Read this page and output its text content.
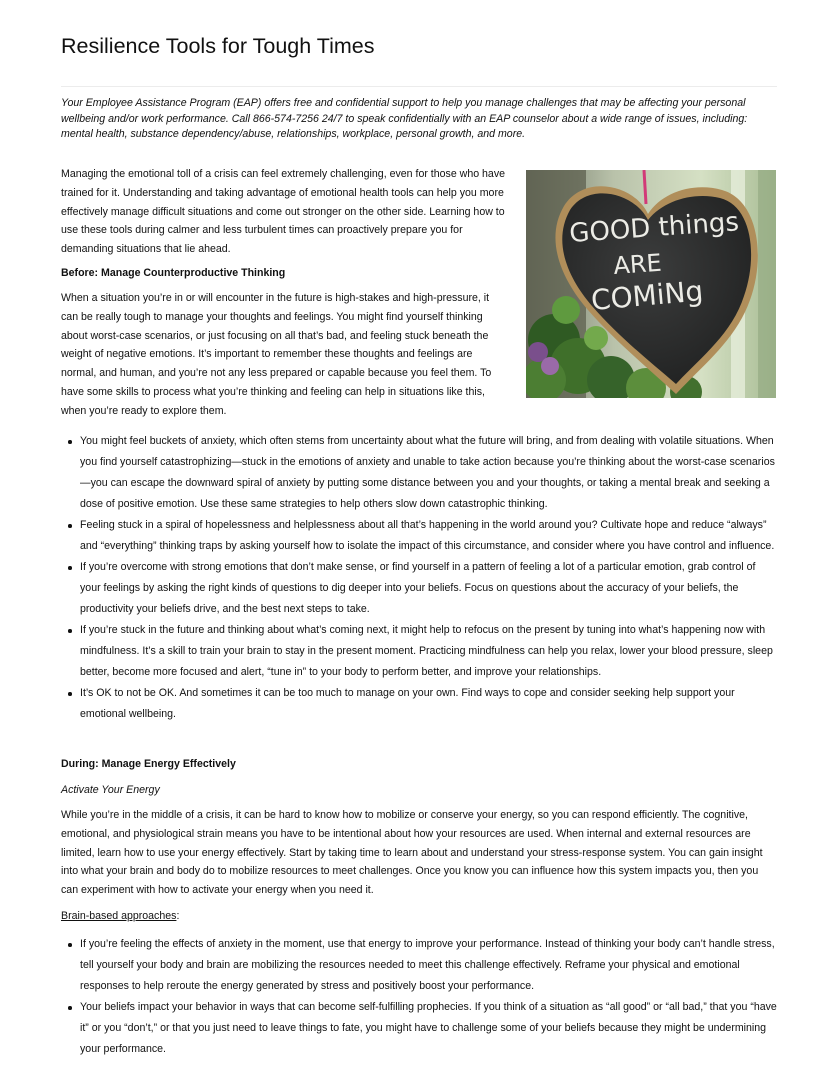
Resilience Tools for Tough Times

Your Employee Assistance Program (EAP) offers free and confidential support to help you manage challenges that may be affecting your personal wellbeing and/or work performance. Call 866-574-7256 24/7 to speak confidentially with an EAP counselor about a wide range of issues, including: mental health, substance dependency/abuse, relationships, workplace, personal growth, and more.

Managing the emotional toll of a crisis can feel extremely challenging, even for those who have trained for it. Understanding and taking advantage of emotional health tools can help you more effectively manage difficult situations and come out stronger on the other side. Learning how to use these tools during calmer and less turbulent times can proactively prepare you for demanding situations that lie ahead.

Before: Manage Counterproductive Thinking

When a situation you’re in or will encounter in the future is high-stakes and high-pressure, it can be really tough to manage your thoughts and feelings. You might find yourself thinking about worst-case scenarios, or just focusing on all that’s bad, and feeling stuck beneath the weight of negative emotions. It’s important to remember these thoughts and feelings are normal, and human, and you’re not any less prepared or capable because you feel them. To have some skills to process what you’re thinking and feeling can help in situations like this, when you’re ready to explore them.

GOOD things
ARE
COMiNg
You might feel buckets of anxiety, which often stems from uncertainty about what the future will bring, and from dealing with volatile situations. When you find yourself catastrophizing—stuck in the emotions of anxiety and unable to take action because you’re thinking about the worst-case scenarios—you can escape the downward spiral of anxiety by putting some distance between you and your thoughts, or taking a mental break and seeking a dose of positive emotion. Use these same strategies to help others slow down catastrophic thinking.
Feeling stuck in a spiral of hopelessness and helplessness about all that’s happening in the world around you? Cultivate hope and reduce “always” and “everything” thinking traps by asking yourself how to isolate the impact of this circumstance, and consider where you have control and influence.
If you’re overcome with strong emotions that don’t make sense, or find yourself in a pattern of feeling a lot of a particular emotion, grab control of your feelings by asking the right kinds of questions to dig deeper into your beliefs. Focus on questions about the accuracy of your beliefs, the productivity your beliefs drive, and the best next steps to take.
If you’re stuck in the future and thinking about what’s coming next, it might help to refocus on the present by tuning into what’s happening now with mindfulness. It’s a skill to train your brain to stay in the present moment. Practicing mindfulness can help you relax, lower your blood pressure, sleep better, become more focused and alert, “tune in” to your body to perform better, and improve your relationships.
It’s OK to not be OK. And sometimes it can be too much to manage on your own. Find ways to cope and consider seeking help support your emotional wellbeing.

During: Manage Energy Effectively

Activate Your Energy

While you’re in the middle of a crisis, it can be hard to know how to mobilize or conserve your energy, so you can respond efficiently. The cognitive, emotional, and physiological strain means you have to be intentional about how your resources are used. When internal and external resources are limited, learn how to use your energy effectively. Start by taking time to learn about and understand your stress-response system. You can gain insight into what your brain and body do to mobilize resources to meet challenges. Once you know you can influence how this system impacts you, then you can experiment with how to activate your energy when you need it.

Brain-based approaches:

If you’re feeling the effects of anxiety in the moment, use that energy to improve your performance. Instead of thinking your body can’t handle stress, tell yourself your body and brain are mobilizing the resources needed to meet this challenge effectively. Reframe your physical and emotional responses to help reroute the energy generated by stress and positively boost your performance.
Your beliefs impact your behavior in ways that can become self-fulfilling prophecies. If you think of a situation as “all good” or “all bad,” that you “have it” or you “don’t,” or that you just need to leave things to fate, you might have to challenge some of your beliefs because they might be undermining your performance.
